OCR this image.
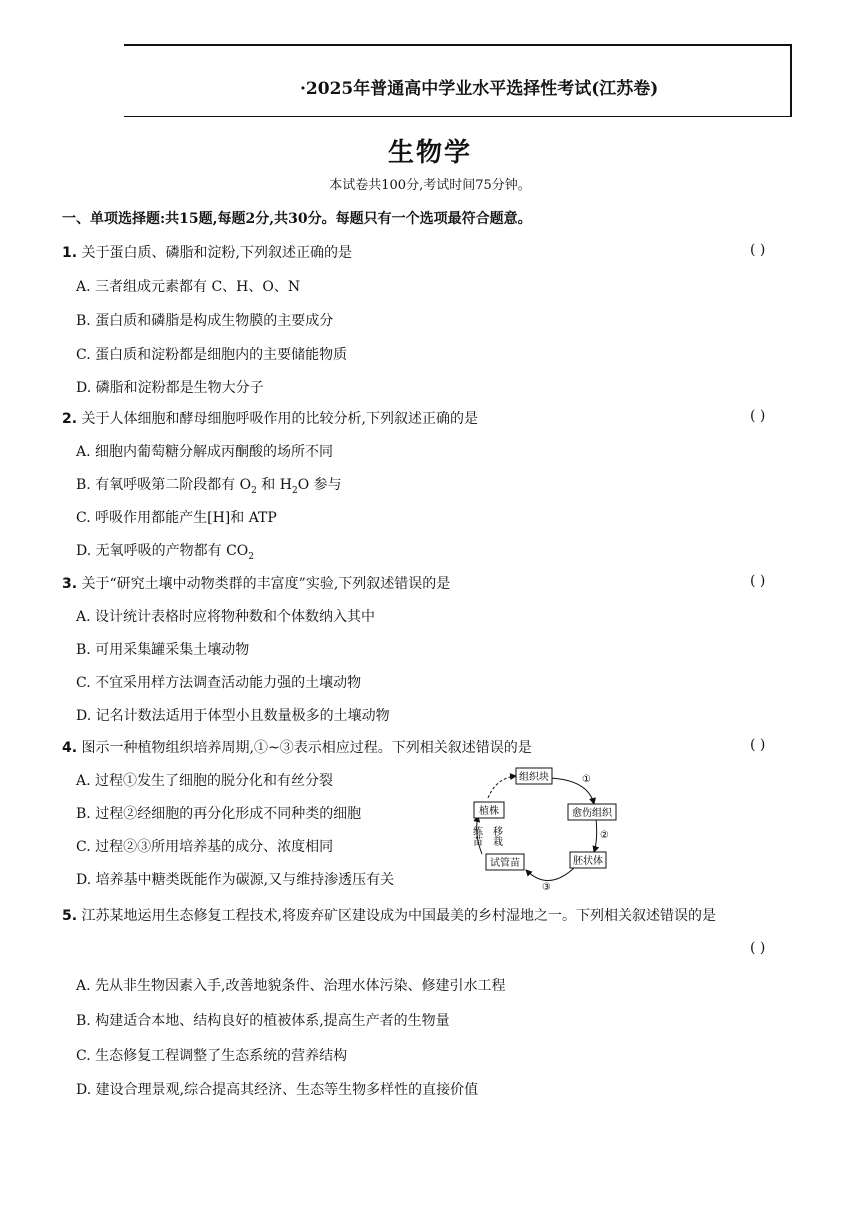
·2025年普通高中学业水平选择性考试(江苏卷)
生物学
本试卷共100分,考试时间75分钟。
一、单项选择题:共15题,每题2分,共30分。每题只有一个选项最符合题意。
1. 关于蛋白质、磷脂和淀粉,下列叙述正确的是	( )
A. 三者组成元素都有 C、H、O、N
B. 蛋白质和磷脂是构成生物膜的主要成分
C. 蛋白质和淀粉都是细胞内的主要储能物质
D. 磷脂和淀粉都是生物大分子
2. 关于人体细胞和酵母细胞呼吸作用的比较分析,下列叙述正确的是	( )
A. 细胞内葡萄糖分解成丙酮酸的场所不同
B. 有氧呼吸第二阶段都有 $O_2$ 和 $H_2O$ 参与
C. 呼吸作用都能产生[H]和 ATP
D. 无氧呼吸的产物都有 $CO_2$
3. 关于“研究土壤中动物类群的丰富度”实验,下列叙述错误的是	( )
A. 设计统计表格时应将物种数和个体数纳入其中
B. 可用采集罐采集土壤动物
C. 不宜采用样方法调查活动能力强的土壤动物
D. 记名计数法适用于体型小且数量极多的土壤动物
4. 图示一种植物组织培养周期,①~③表示相应过程。下列相关叙述错误的是	( )
A. 过程①发生了细胞的脱分化和有丝分裂
B. 过程②经细胞的再分化形成不同种类的细胞
C. 过程②③所用培养基的成分、浓度相同
D. 培养基中糖类既能作为碳源,又与维持渗透压有关
组织块
愈伤组织
胚状体
试管苗
植株
①
②
③
练苗 移栽
5. 江苏某地运用生态修复工程技术,将废弃矿区建设成为中国最美的乡村湿地之一。下列相关叙述错误的是
( )
A. 先从非生物因素入手,改善地貌条件、治理水体污染、修建引水工程
B. 构建适合本地、结构良好的植被体系,提高生产者的生物量
C. 生态修复工程调整了生态系统的营养结构
D. 建设合理景观,综合提高其经济、生态等生物多样性的直接价值
